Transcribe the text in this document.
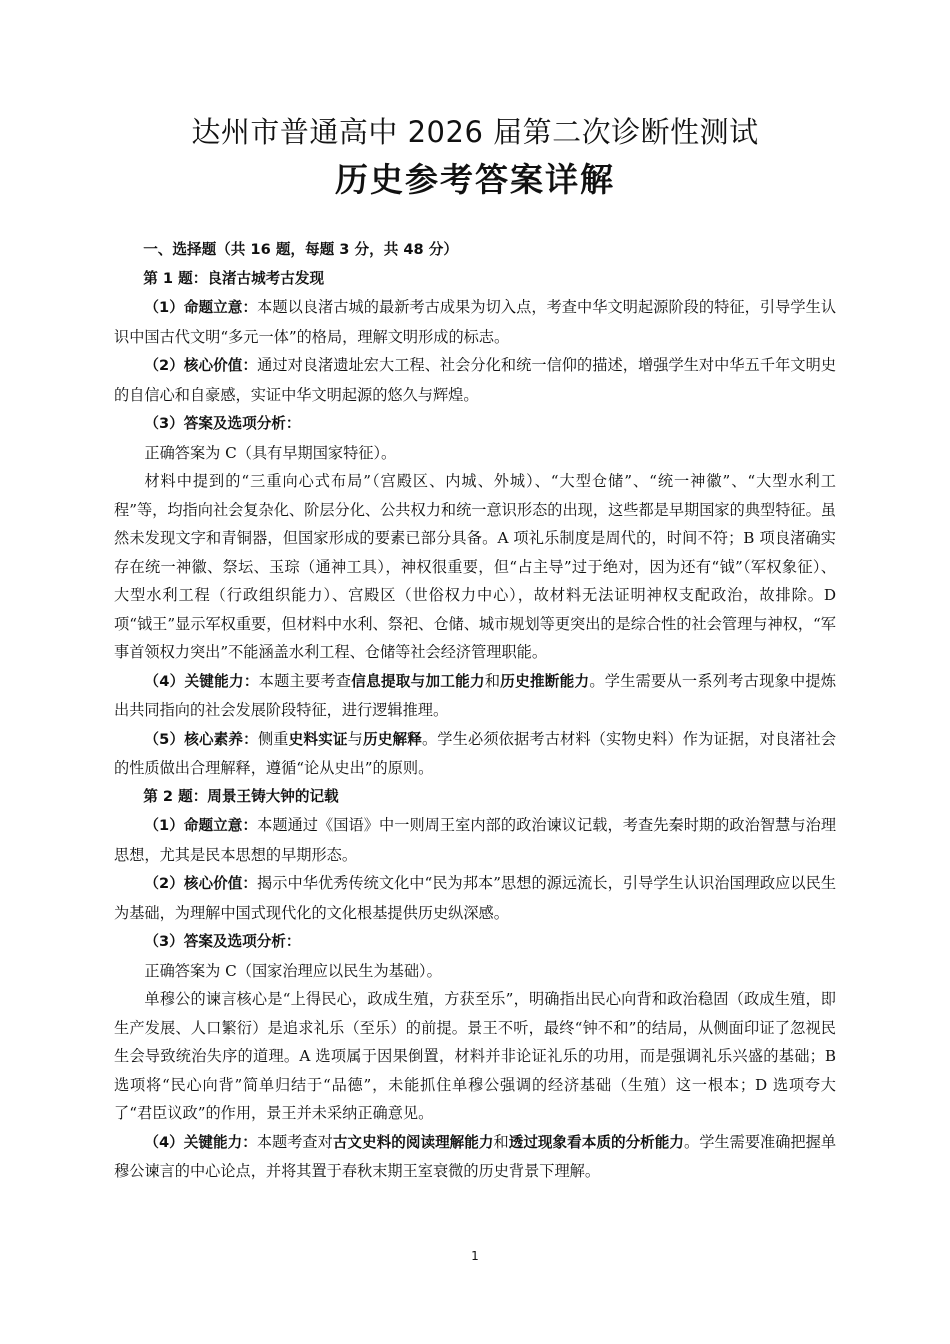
达州市普通高中 2026 届第二次诊断性测试
历史参考答案详解

一、选择题（共 16 题，每题 3 分，共 48 分）

第 1 题：良渚古城考古发现

（1）命题立意：本题以良渚古城的最新考古成果为切入点，考查中华文明起源阶段的特征，引导学生认识中国古代文明“多元一体”的格局，理解文明形成的标志。

（2）核心价值：通过对良渚遗址宏大工程、社会分化和统一信仰的描述，增强学生对中华五千年文明史的自信心和自豪感，实证中华文明起源的悠久与辉煌。

（3）答案及选项分析：

正确答案为 C（具有早期国家特征）。

材料中提到的“三重向心式布局”（宫殿区、内城、外城）、“大型仓储”、“统一神徽”、“大型水利工程”等，均指向社会复杂化、阶层分化、公共权力和统一意识形态的出现，这些都是早期国家的典型特征。虽然未发现文字和青铜器，但国家形成的要素已部分具备。A 项礼乐制度是周代的，时间不符；B 项良渚确实存在统一神徽、祭坛、玉琮（通神工具），神权很重要，但“占主导”过于绝对，因为还有“钺”（军权象征）、大型水利工程（行政组织能力）、宫殿区（世俗权力中心），故材料无法证明神权支配政治，故排除。D 项“钺王”显示军权重要，但材料中水利、祭祀、仓储、城市规划等更突出的是综合性的社会管理与神权，“军事首领权力突出”不能涵盖水利工程、仓储等社会经济管理职能。

（4）关键能力：本题主要考查信息提取与加工能力和历史推断能力。学生需要从一系列考古现象中提炼出共同指向的社会发展阶段特征，进行逻辑推理。

（5）核心素养：侧重史料实证与历史解释。学生必须依据考古材料（实物史料）作为证据，对良渚社会的性质做出合理解释，遵循“论从史出”的原则。

第 2 题：周景王铸大钟的记载

（1）命题立意：本题通过《国语》中一则周王室内部的政治谏议记载，考查先秦时期的政治智慧与治理思想，尤其是民本思想的早期形态。

（2）核心价值：揭示中华优秀传统文化中“民为邦本”思想的源远流长，引导学生认识治国理政应以民生为基础，为理解中国式现代化的文化根基提供历史纵深感。

（3）答案及选项分析：

正确答案为 C（国家治理应以民生为基础）。

单穆公的谏言核心是“上得民心，政成生殖，方获至乐”，明确指出民心向背和政治稳固（政成生殖，即生产发展、人口繁衍）是追求礼乐（至乐）的前提。景王不听，最终“钟不和”的结局，从侧面印证了忽视民生会导致统治失序的道理。A 选项属于因果倒置，材料并非论证礼乐的功用，而是强调礼乐兴盛的基础；B 选项将“民心向背”简单归结于“品德”，未能抓住单穆公强调的经济基础（生殖）这一根本；D 选项夸大了“君臣议政”的作用，景王并未采纳正确意见。

（4）关键能力：本题考查对古文史料的阅读理解能力和透过现象看本质的分析能力。学生需要准确把握单穆公谏言的中心论点，并将其置于春秋末期王室衰微的历史背景下理解。

1
